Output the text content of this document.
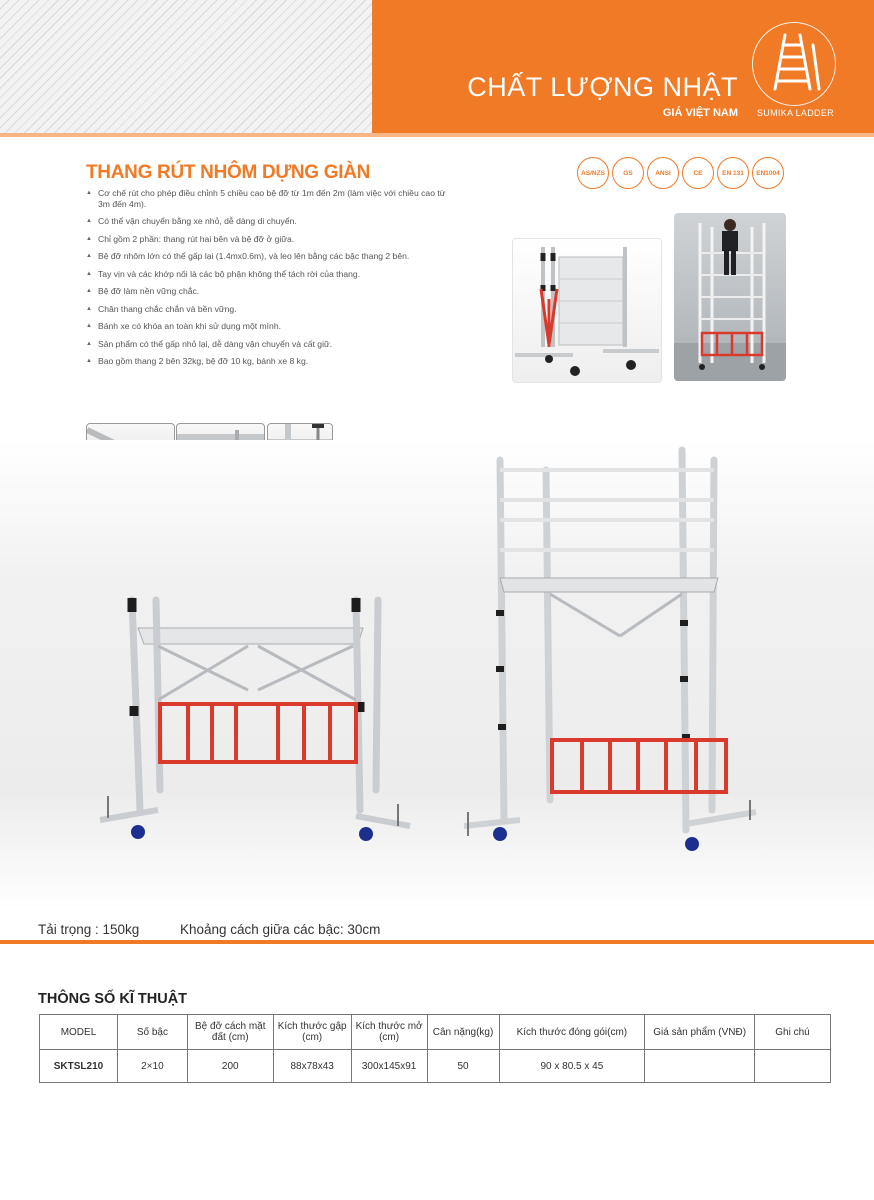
CHẤT LƯỢNG NHẬT
GIÁ VIỆT NAM SUMIKA LADDER
THANG RÚT NHÔM DỰNG GIÀN
▲ Cơ chế rút cho phép điều chỉnh 5 chiều cao bệ đỡ từ 1m đến 2m (làm việc với chiều cao từ 3m đến 4m).
▲ Có thể vận chuyển bằng xe nhỏ, dễ dàng di chuyển.
▲ Chỉ gồm 2 phần: thang rút hai bên và bệ đỡ ở giữa.
▲ Bệ đỡ nhôm lớn có thể gấp lại (1.4mx0.6m), và leo lên bằng các bậc thang 2 bên.
▲ Tay vịn và các khớp nối là các bộ phận không thể tách rời của thang.
▲ Bệ đỡ làm nền vững chắc.
▲ Chân thang chắc chắn và bền vững.
▲ Bánh xe có khóa an toàn khi sử dụng một mình.
▲ Sản phẩm có thể gấp nhỏ lại, dễ dàng vận chuyển và cất giữ.
▲ Bao gồm thang 2 bên 32kg, bệ đỡ 10 kg, bánh xe 8 kg.
AS/NZS	GS	ANSI	CE	EN 131	EN1004
Tải trọng : 150kg	Khoảng cách giữa các bậc: 30cm
THÔNG SỐ KĨ THUẬT
MODEL	Số bậc	Bệ đỡ cách mặt đất (cm)	Kích thước gập (cm)	Kích thước mở (cm)	Cân nặng(kg)	Kích thước đóng gói(cm)	Giá sản phẩm (VNĐ)	Ghi chú
SKTSL210	2×10	200	88x78x43	300x145x91	50	90 x 80.5 x 45		
